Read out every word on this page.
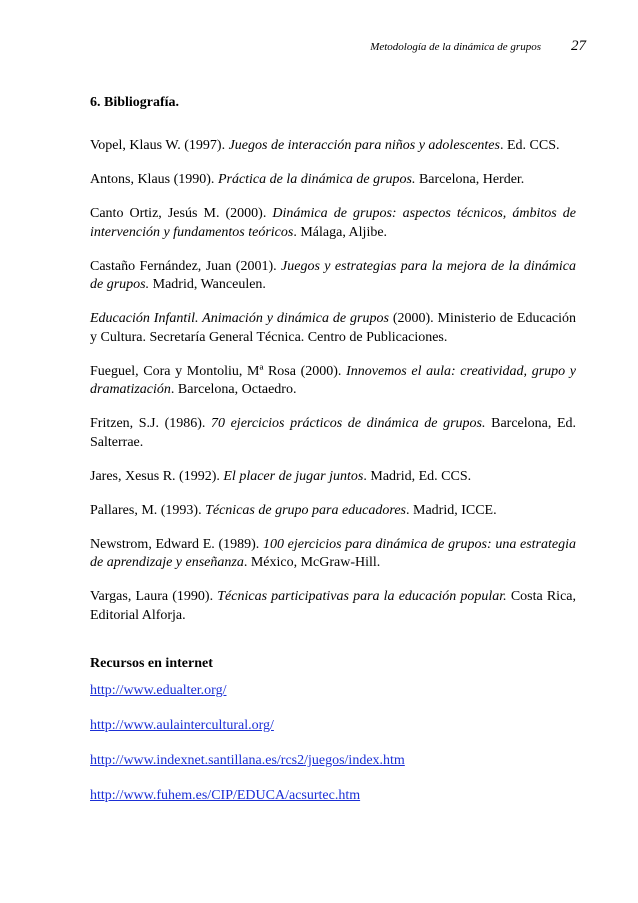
Metodología de la dinámica de grupos 27
6. Bibliografía.

Vopel, Klaus W. (1997). Juegos de interacción para niños y adolescentes. Ed. CCS.

Antons, Klaus (1990). Práctica de la dinámica de grupos. Barcelona, Herder.

Canto Ortiz, Jesús M. (2000). Dinámica de grupos: aspectos técnicos, ámbitos de intervención y fundamentos teóricos. Málaga, Aljibe.

Castaño Fernández, Juan (2001). Juegos y estrategias para la mejora de la dinámica de grupos. Madrid, Wanceulen.

Educación Infantil. Animación y dinámica de grupos (2000). Ministerio de Educación y Cultura. Secretaría General Técnica. Centro de Publicaciones.

Fueguel, Cora y Montoliu, Mª Rosa (2000). Innovemos el aula: creatividad, grupo y dramatización. Barcelona, Octaedro.

Fritzen, S.J. (1986). 70 ejercicios prácticos de dinámica de grupos. Barcelona, Ed. Salterrae.

Jares, Xesus R. (1992). El placer de jugar juntos. Madrid, Ed. CCS.

Pallares, M. (1993). Técnicas de grupo para educadores. Madrid, ICCE.

Newstrom, Edward E. (1989). 100 ejercicios para dinámica de grupos: una estrategia de aprendizaje y enseñanza. México, McGraw-Hill.

Vargas, Laura (1990). Técnicas participativas para la educación popular. Costa Rica, Editorial Alforja.

Recursos en internet
http://www.edualter.org/
http://www.aulaintercultural.org/
http://www.indexnet.santillana.es/rcs2/juegos/index.htm
http://www.fuhem.es/CIP/EDUCA/acsurtec.htm
